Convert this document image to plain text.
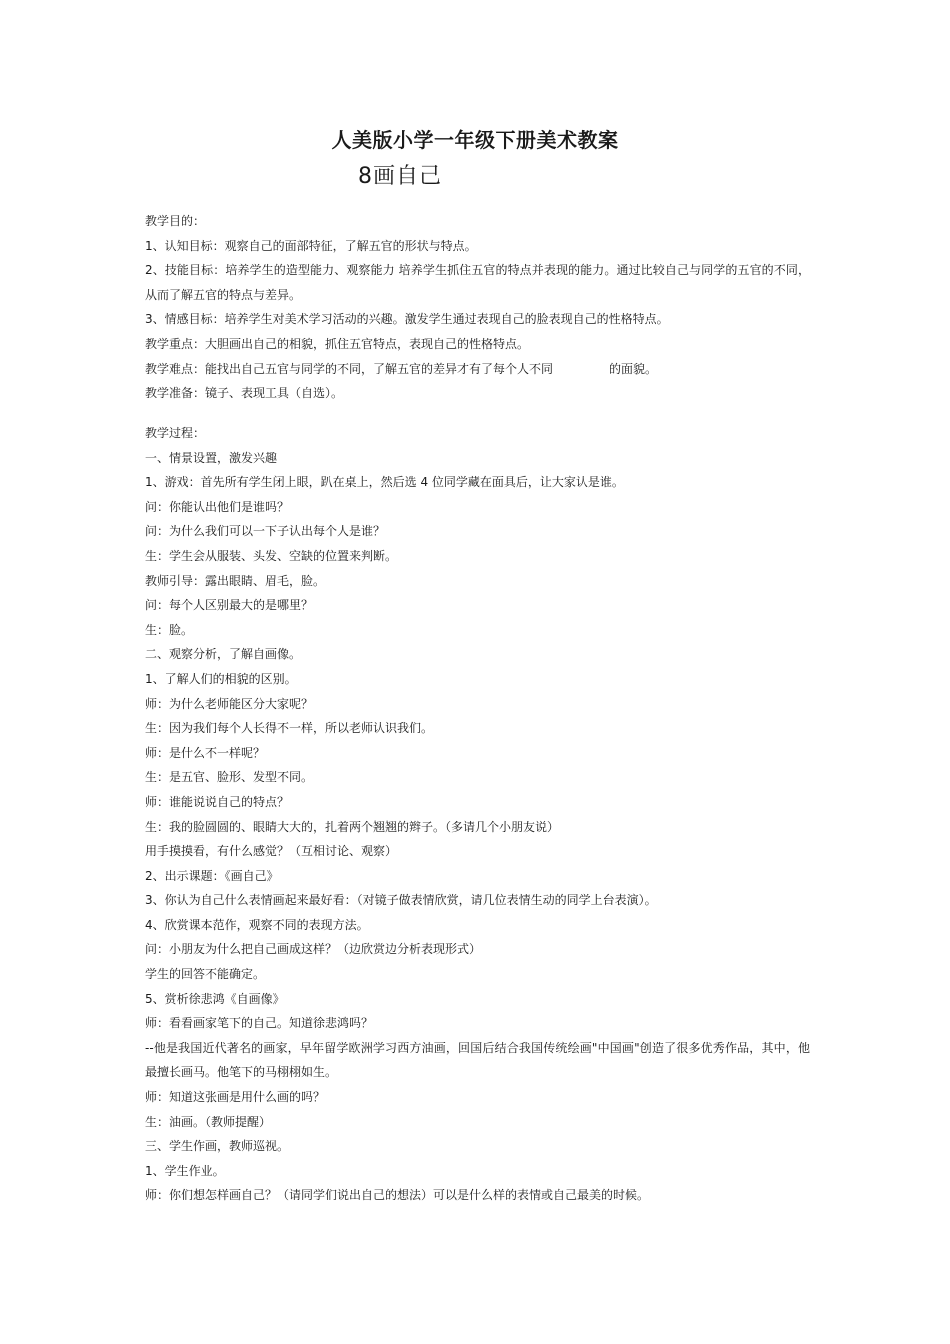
人美版小学一年级下册美术教案
8画自己
教学目的：
1、认知目标：观察自己的面部特征，了解五官的形状与特点。
2、技能目标：培养学生的造型能力、观察能力 培养学生抓住五官的特点并表现的能力。通过比较自己与同学的五官的不同，从而了解五官的特点与差异。
3、情感目标：培养学生对美术学习活动的兴趣。激发学生通过表现自己的脸表现自己的性格特点。
教学重点：大胆画出自己的相貌，抓住五官特点，表现自己的性格特点。
教学难点：能找出自己五官与同学的不同，了解五官的差异才有了每个人不同	的面貌。
教学准备：镜子、表现工具（自选）。
教学过程：
一、情景设置，激发兴趣
1、游戏：首先所有学生闭上眼，趴在桌上，然后选 4 位同学藏在面具后，让大家认是谁。
问：你能认出他们是谁吗？
问：为什么我们可以一下子认出每个人是谁？
生：学生会从服装、头发、空缺的位置来判断。
教师引导：露出眼睛、眉毛，脸。
问：每个人区别最大的是哪里？
生：脸。
二、观察分析，了解自画像。
1、了解人们的相貌的区别。
师：为什么老师能区分大家呢？
生：因为我们每个人长得不一样，所以老师认识我们。
师：是什么不一样呢？
生：是五官、脸形、发型不同。
师：谁能说说自己的特点？
生：我的脸圆圆的、眼睛大大的，扎着两个翘翘的辫子。（多请几个小朋友说）
用手摸摸看，有什么感觉？（互相讨论、观察）
2、出示课题：《画自己》
3、你认为自己什么表情画起来最好看：（对镜子做表情欣赏，请几位表情生动的同学上台表演）。
4、欣赏课本范作，观察不同的表现方法。
问：小朋友为什么把自己画成这样？（边欣赏边分析表现形式）
学生的回答不能确定。
5、赏析徐悲鸿《自画像》
师：看看画家笔下的自己。知道徐悲鸿吗？
--他是我国近代著名的画家，早年留学欧洲学习西方油画，回国后结合我国传统绘画"中国画"创造了很多优秀作品，其中，他最擅长画马。他笔下的马栩栩如生。
师：知道这张画是用什么画的吗？
生：油画。（教师提醒）
三、学生作画，教师巡视。
1、学生作业。
师：你们想怎样画自己？（请同学们说出自己的想法）可以是什么样的表情或自己最美的时候。
